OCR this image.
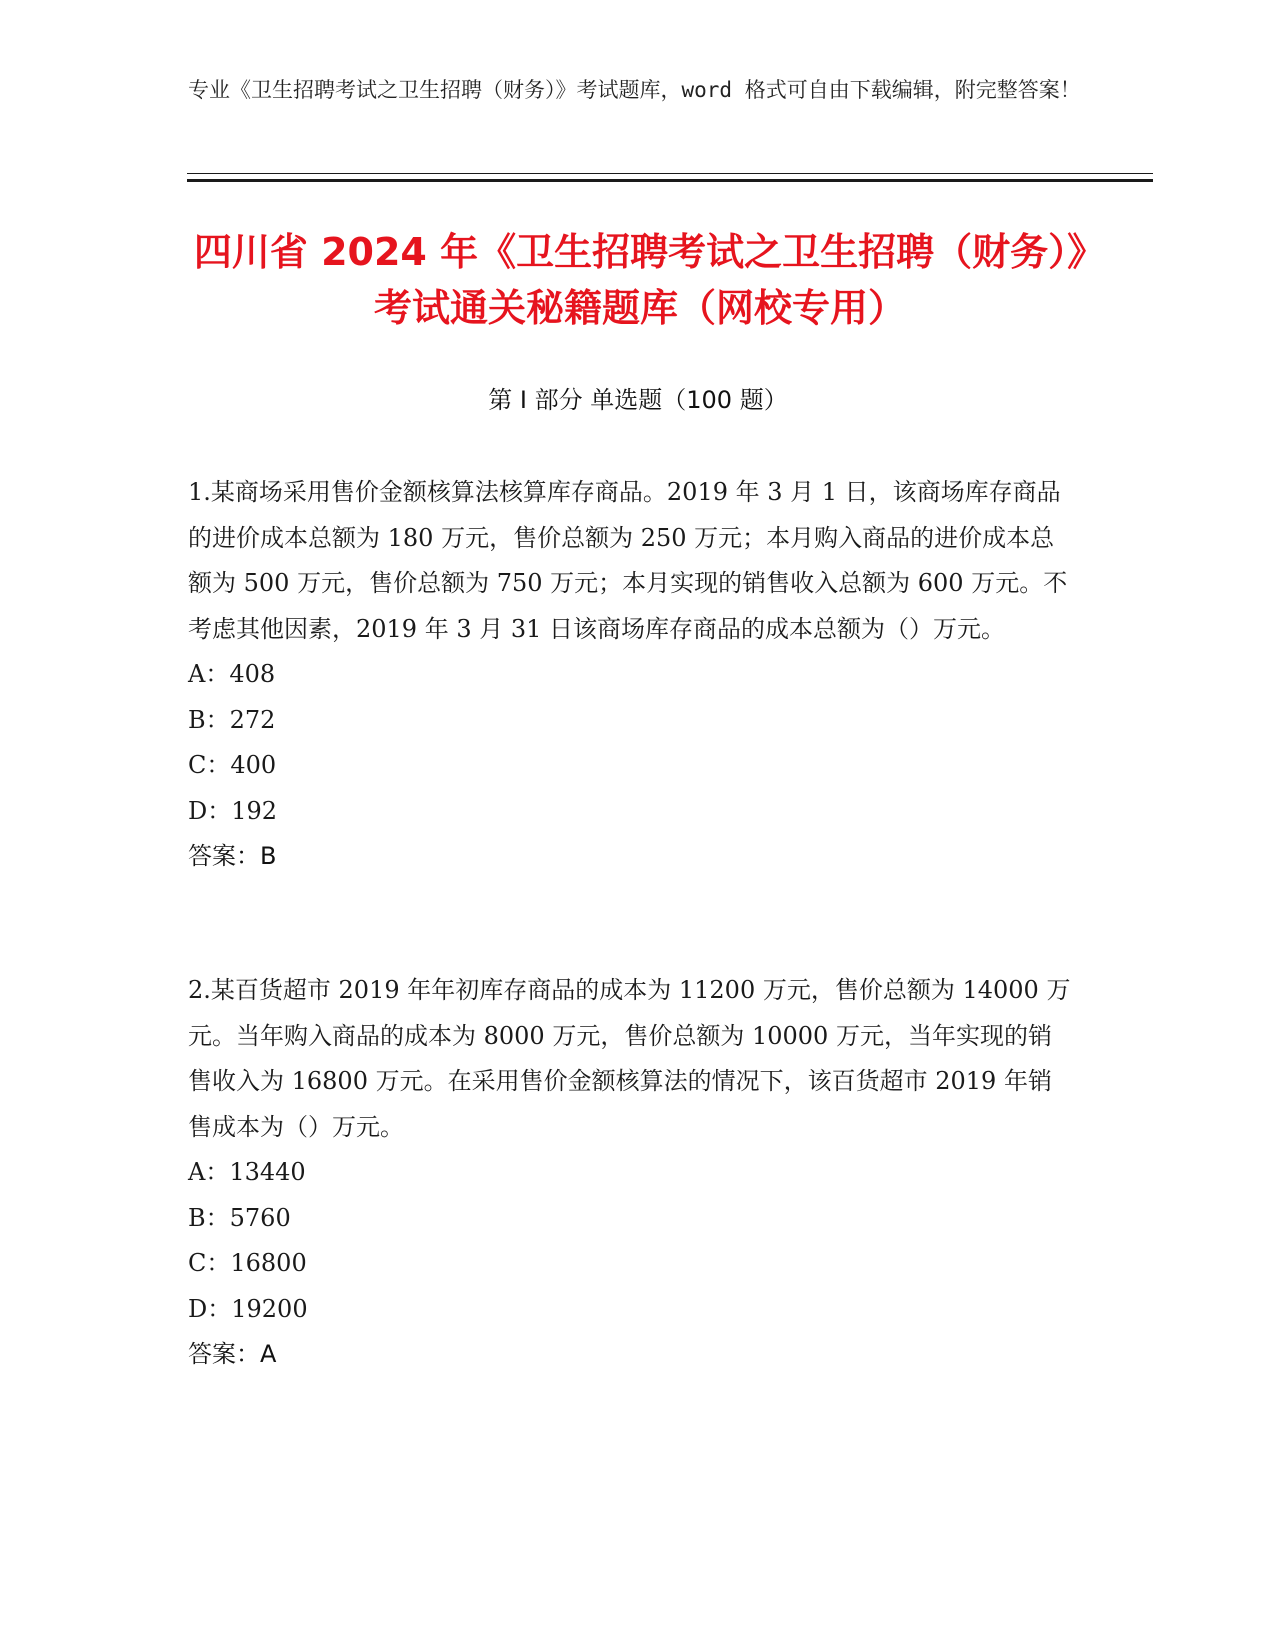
专业《卫生招聘考试之卫生招聘（财务）》考试题库，word 格式可自由下载编辑，附完整答案！
四川省 2024 年《卫生招聘考试之卫生招聘（财务）》考试通关秘籍题库（网校专用）
第 I 部分 单选题（100 题）

1.某商场采用售价金额核算法核算库存商品。2019 年 3 月 1 日，该商场库存商品的进价成本总额为 180 万元，售价总额为 250 万元；本月购入商品的进价成本总额为 500 万元，售价总额为 750 万元；本月实现的销售收入总额为 600 万元。不考虑其他因素，2019 年 3 月 31 日该商场库存商品的成本总额为（）万元。

A：408
B：272
C：400
D：192
答案：B

2.某百货超市 2019 年年初库存商品的成本为 11200 万元，售价总额为 14000 万元。当年购入商品的成本为 8000 万元，售价总额为 10000 万元，当年实现的销售收入为 16800 万元。在采用售价金额核算法的情况下，该百货超市 2019 年销售成本为（）万元。

A：13440
B：5760
C：16800
D：19200
答案：A
